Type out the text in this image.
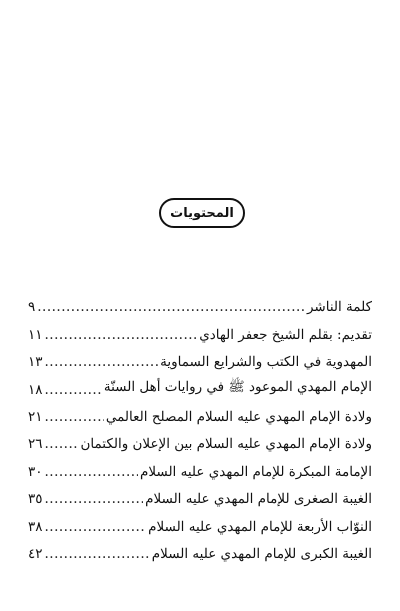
المحتويات
٩ .....	كلمة الناشر
١١ .....	تقديم: بقلم الشيخ جعفر الهادي
١٣ .....	المهدوية في الكتب والشرايع السماوية
١٨ .....	الإمام المهدي الموعود ﷺ في روايات أهل السنّة
٢١ .....	ولادة الإمام المهدي عليه السلام المصلح العالمي
٢٦ .....	ولادة الإمام المهدي عليه السلام بين الإعلان والكتمان
٣٠ .....	الإمامة المبكرة للإمام المهدي عليه السلام
٣٥ .....	الغيبة الصغرى للإمام المهدي عليه السلام
٣٨ .....	النوّاب الأربعة للإمام المهدي عليه السلام
٤٢ .....	الغيبة الكبرى للإمام المهدي عليه السلام
